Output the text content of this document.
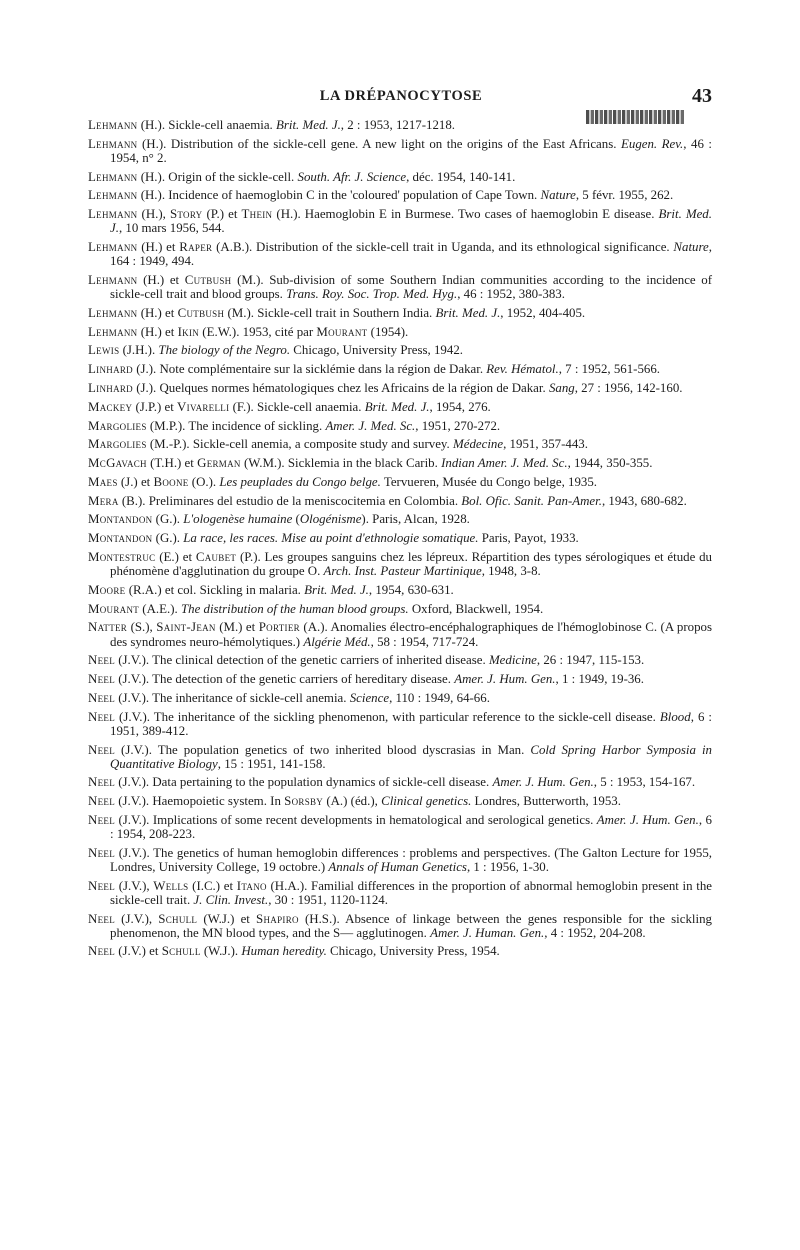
LA DRÉPANOCYTOSE	43

Lehmann (H.). Sickle-cell anaemia. Brit. Med. J., 2 : 1953, 1217-1218.

Lehmann (H.). Distribution of the sickle-cell gene. A new light on the origins of the East Africans. Eugen. Rev., 46 : 1954, n° 2.

Lehmann (H.). Origin of the sickle-cell. South. Afr. J. Science, déc. 1954, 140-141.

Lehmann (H.). Incidence of haemoglobin C in the 'coloured' population of Cape Town. Nature, 5 févr. 1955, 262.

Lehmann (H.), Story (P.) et Thein (H.). Haemoglobin E in Burmese. Two cases of haemoglobin E disease. Brit. Med. J., 10 mars 1956, 544.

Lehmann (H.) et Raper (A.B.). Distribution of the sickle-cell trait in Uganda, and its ethnological significance. Nature, 164 : 1949, 494.

Lehmann (H.) et Cutbush (M.). Sub-division of some Southern Indian communities according to the incidence of sickle-cell trait and blood groups. Trans. Roy. Soc. Trop. Med. Hyg., 46 : 1952, 380-383.

Lehmann (H.) et Cutbush (M.). Sickle-cell trait in Southern India. Brit. Med. J., 1952, 404-405.

Lehmann (H.) et Ikin (E.W.). 1953, cité par Mourant (1954).

Lewis (J.H.). The biology of the Negro. Chicago, University Press, 1942.

Linhard (J.). Note complémentaire sur la sicklémie dans la région de Dakar. Rev. Hématol., 7 : 1952, 561-566.

Linhard (J.). Quelques normes hématologiques chez les Africains de la région de Dakar. Sang, 27 : 1956, 142-160.

Mackey (J.P.) et Vivarelli (F.). Sickle-cell anaemia. Brit. Med. J., 1954, 276.

Margolies (M.P.). The incidence of sickling. Amer. J. Med. Sc., 1951, 270-272.

Margolies (M.-P.). Sickle-cell anemia, a composite study and survey. Médecine, 1951, 357-443.

McGavach (T.H.) et German (W.M.). Sicklemia in the black Carib. Indian Amer. J. Med. Sc., 1944, 350-355.

Maes (J.) et Boone (O.). Les peuplades du Congo belge. Tervueren, Musée du Congo belge, 1935.

Mera (B.). Preliminares del estudio de la meniscocitemia en Colombia. Bol. Ofic. Sanit. Pan-Amer., 1943, 680-682.

Montandon (G.). L'ologenèse humaine (Ologénisme). Paris, Alcan, 1928.

Montandon (G.). La race, les races. Mise au point d'ethnologie somatique. Paris, Payot, 1933.

Montestruc (E.) et Caubet (P.). Les groupes sanguins chez les lépreux. Répartition des types sérologiques et étude du phénomène d'agglutination du groupe O. Arch. Inst. Pasteur Martinique, 1948, 3-8.

Moore (R.A.) et col. Sickling in malaria. Brit. Med. J., 1954, 630-631.

Mourant (A.E.). The distribution of the human blood groups. Oxford, Blackwell, 1954.

Natter (S.), Saint-Jean (M.) et Portier (A.). Anomalies électro-encéphalographiques de l'hémoglobinose C. (A propos des syndromes neuro-hémolytiques.) Algérie Méd., 58 : 1954, 717-724.

Neel (J.V.). The clinical detection of the genetic carriers of inherited disease. Medicine, 26 : 1947, 115-153.

Neel (J.V.). The detection of the genetic carriers of hereditary disease. Amer. J. Hum. Gen., 1 : 1949, 19-36.

Neel (J.V.). The inheritance of sickle-cell anemia. Science, 110 : 1949, 64-66.

Neel (J.V.). The inheritance of the sickling phenomenon, with particular reference to the sickle-cell disease. Blood, 6 : 1951, 389-412.

Neel (J.V.). The population genetics of two inherited blood dyscrasias in Man. Cold Spring Harbor Symposia in Quantitative Biology, 15 : 1951, 141-158.

Neel (J.V.). Data pertaining to the population dynamics of sickle-cell disease. Amer. J. Hum. Gen., 5 : 1953, 154-167.

Neel (J.V.). Haemopoietic system. In Sorsby (A.) (éd.), Clinical genetics. Londres, Butterworth, 1953.

Neel (J.V.). Implications of some recent developments in hematological and serological genetics. Amer. J. Hum. Gen., 6 : 1954, 208-223.

Neel (J.V.). The genetics of human hemoglobin differences : problems and perspectives. (The Galton Lecture for 1955, Londres, University College, 19 octobre.) Annals of Human Genetics, 1 : 1956, 1-30.

Neel (J.V.), Wells (I.C.) et Itano (H.A.). Familial differences in the proportion of abnormal hemoglobin present in the sickle-cell trait. J. Clin. Invest., 30 : 1951, 1120-1124.

Neel (J.V.), Schull (W.J.) et Shapiro (H.S.). Absence of linkage between the genes responsible for the sickling phenomenon, the MN blood types, and the S— agglutinogen. Amer. J. Human. Gen., 4 : 1952, 204-208.

Neel (J.V.) et Schull (W.J.). Human heredity. Chicago, University Press, 1954.
